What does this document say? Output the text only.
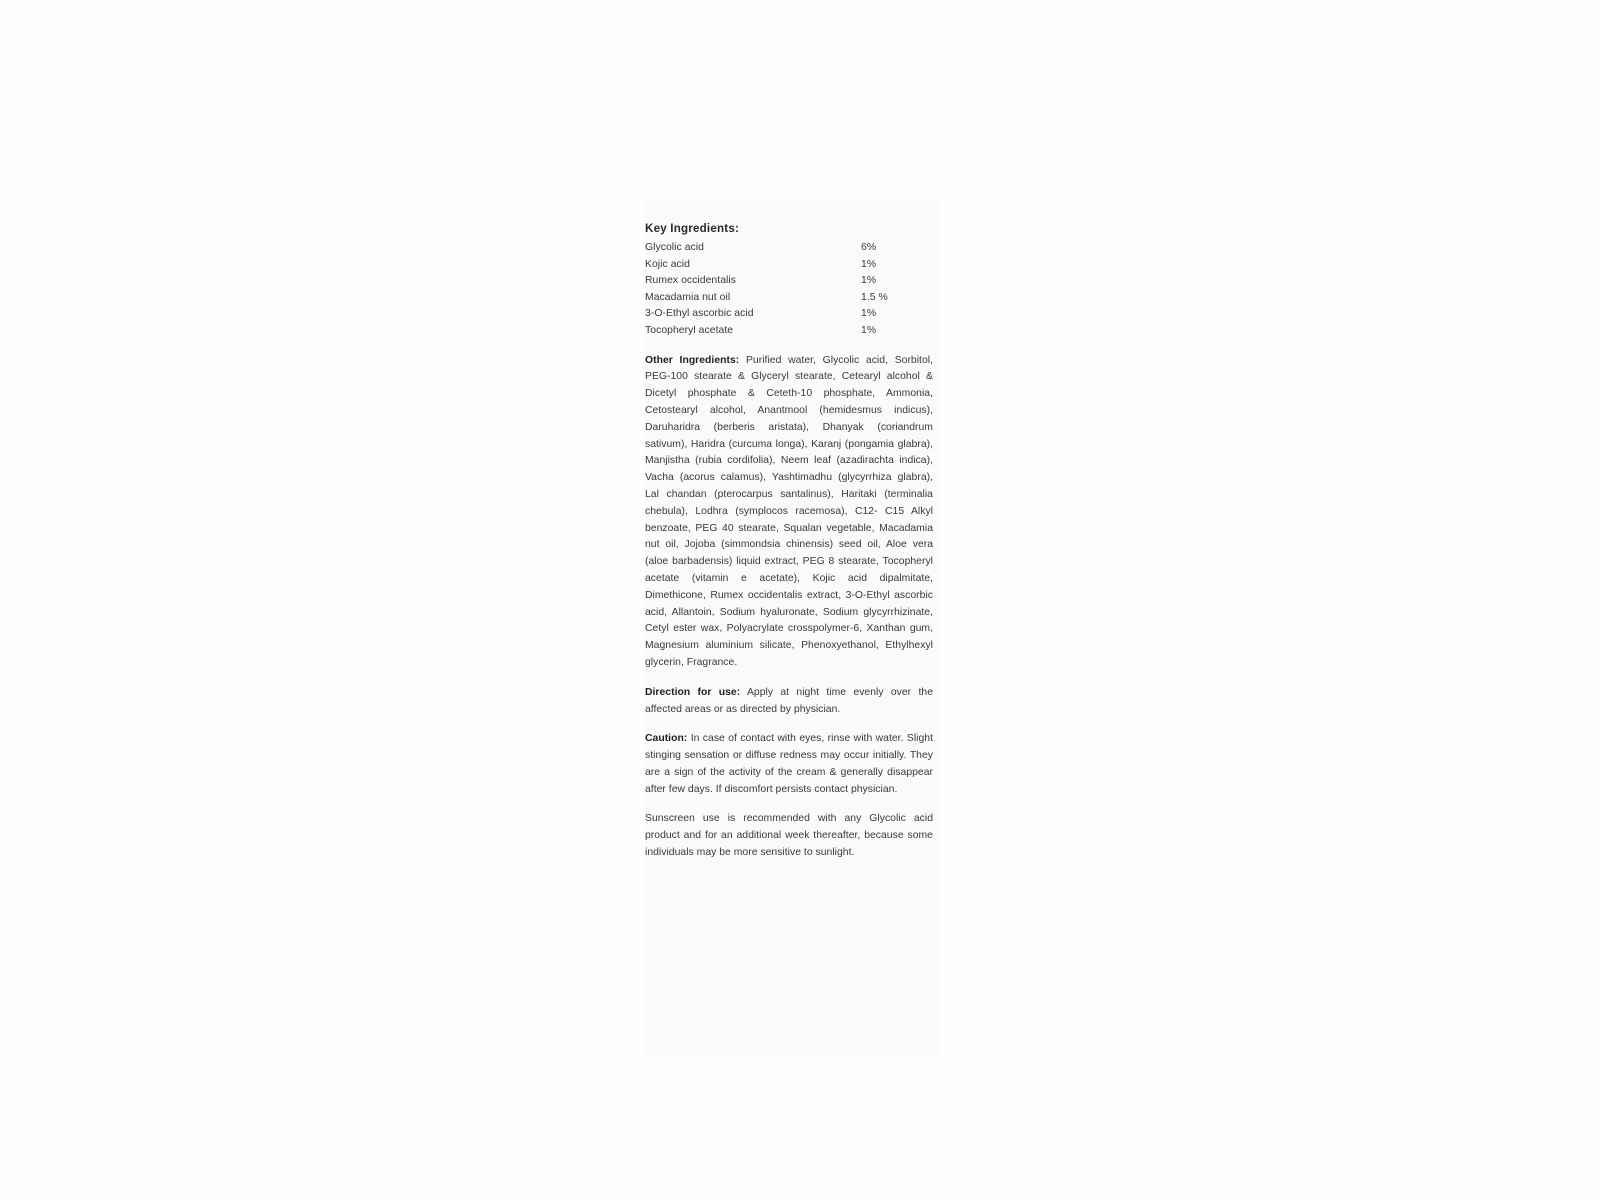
Key Ingredients:
Glycolic acid	6%
Kojic acid	1%
Rumex occidentalis	1%
Macadamia nut oil	1.5 %
3-O-Ethyl ascorbic acid	1%
Tocopheryl acetate	1%

Other Ingredients: Purified water, Glycolic acid, Sorbitol, PEG-100 stearate & Glyceryl stearate, Cetearyl alcohol & Dicetyl phosphate & Ceteth-10 phosphate, Ammonia, Cetostearyl alcohol, Anantmool (hemidesmus indicus), Daruharidra (berberis aristata), Dhanyak (coriandrum sativum), Haridra (curcuma longa), Karanj (pongamia glabra), Manjistha (rubia cordifolia), Neem leaf (azadirachta indica), Vacha (acorus calamus), Yashtimadhu (glycyrrhiza glabra), Lal chandan (pterocarpus santalinus), Haritaki (terminalia chebula), Lodhra (symplocos racemosa), C12- C15 Alkyl benzoate, PEG 40 stearate, Squalan vegetable, Macadamia nut oil, Jojoba (simmondsia chinensis) seed oil, Aloe vera (aloe barbadensis) liquid extract, PEG 8 stearate, Tocopheryl acetate (vitamin e acetate), Kojic acid dipalmitate, Dimethicone, Rumex occidentalis extract, 3-O-Ethyl ascorbic acid, Allantoin, Sodium hyaluronate, Sodium glycyrrhizinate, Cetyl ester wax, Polyacrylate crosspolymer-6, Xanthan gum, Magnesium aluminium silicate, Phenoxyethanol, Ethylhexyl glycerin, Fragrance.

Direction for use: Apply at night time evenly over the affected areas or as directed by physician.

Caution: In case of contact with eyes, rinse with water. Slight stinging sensation or diffuse redness may occur initially. They are a sign of the activity of the cream & generally disappear after few days. If discomfort persists contact physician.

Sunscreen use is recommended with any Glycolic acid product and for an additional week thereafter, because some individuals may be more sensitive to sunlight.
